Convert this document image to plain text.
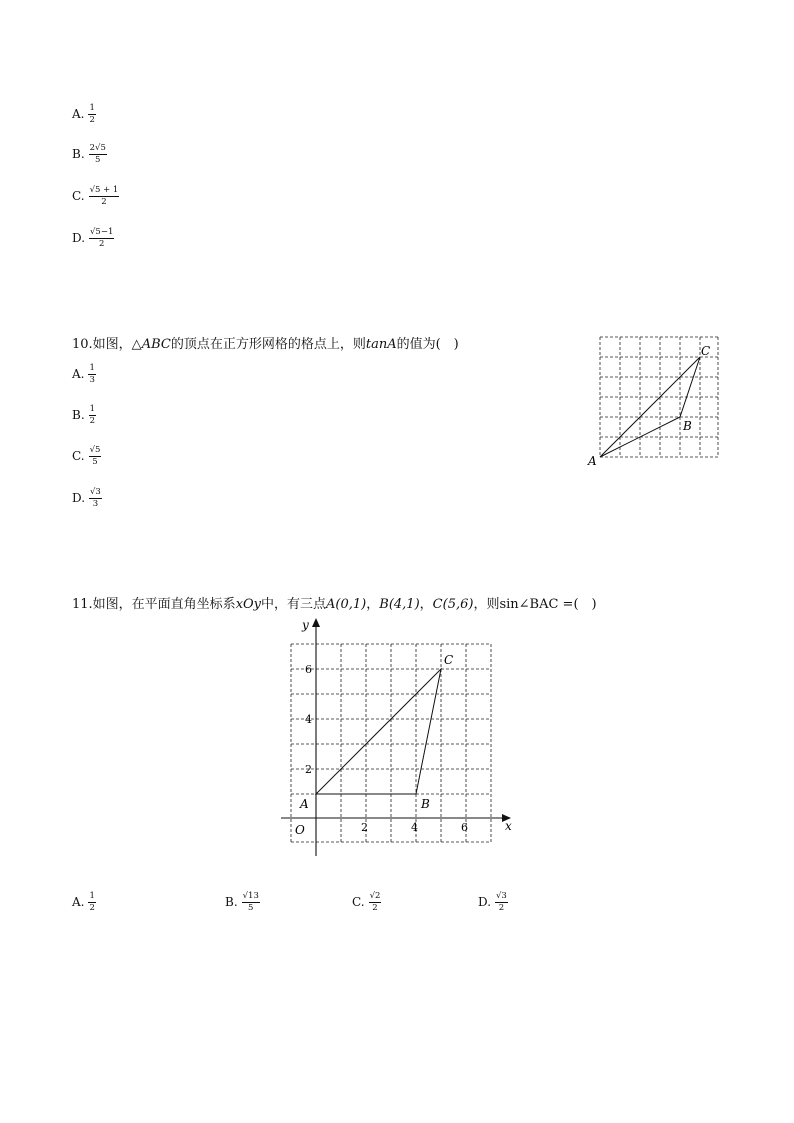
A. $\frac{1}{2}$
B. $\frac{2√5}{5}$
C. $\frac{√5 + 1}{2}$
D. $\frac{√5-1}{2}$
10.如图，△ABC的顶点在正方形网格的格点上，则tanA的值为(　)
A. $\frac{1}{3}$
B. $\frac{1}{2}$
C. $\frac{√5}{5}$
D. $\frac{√3}{3}$
A
B
C
11.如图，在平面直角坐标系xOy中，有三点A(0,1)，B(4,1)，C(5,6)，则sin∠BAC =(　)
y
x
O	2	4	6
2
4
6
A	B
C
A. $\frac{1}{2}$	B. $\frac{√13}{5}$	C. $\frac{√2}{2}$	D. $\frac{√3}{2}$
